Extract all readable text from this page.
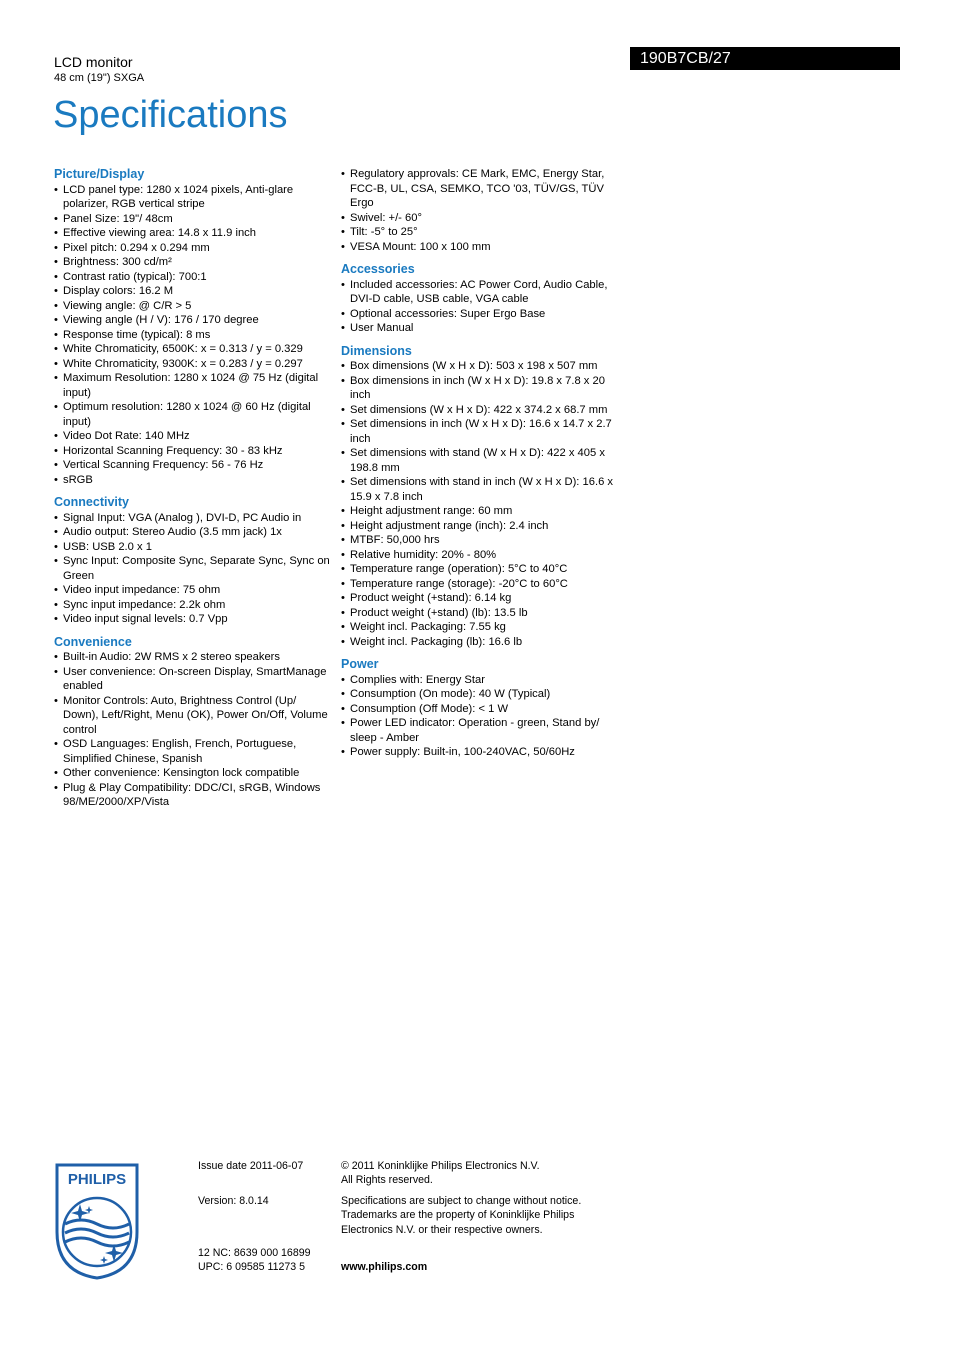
LCD monitor
48 cm (19") SXGA
190B7CB/27
Specifications
Picture/Display
• LCD panel type: 1280 x 1024 pixels, Anti-glare polarizer, RGB vertical stripe
• Panel Size: 19"/ 48cm
• Effective viewing area: 14.8 x 11.9 inch
• Pixel pitch: 0.294 x 0.294 mm
• Brightness: 300 cd/m²
• Contrast ratio (typical): 700:1
• Display colors: 16.2 M
• Viewing angle: @ C/R > 5
• Viewing angle (H / V): 176 / 170 degree
• Response time (typical): 8 ms
• White Chromaticity, 6500K: x = 0.313 / y = 0.329
• White Chromaticity, 9300K: x = 0.283 / y = 0.297
• Maximum Resolution: 1280 x 1024 @ 75 Hz (digital input)
• Optimum resolution: 1280 x 1024 @ 60 Hz (digital input)
• Video Dot Rate: 140 MHz
• Horizontal Scanning Frequency: 30 - 83 kHz
• Vertical Scanning Frequency: 56 - 76 Hz
• sRGB
Connectivity
• Signal Input: VGA (Analog ), DVI-D, PC Audio in
• Audio output: Stereo Audio (3.5 mm jack) 1x
• USB: USB 2.0 x 1
• Sync Input: Composite Sync, Separate Sync, Sync on Green
• Video input impedance: 75 ohm
• Sync input impedance: 2.2k ohm
• Video input signal levels: 0.7 Vpp
Convenience
• Built-in Audio: 2W RMS x 2 stereo speakers
• User convenience: On-screen Display, SmartManage enabled
• Monitor Controls: Auto, Brightness Control (Up/ Down), Left/Right, Menu (OK), Power On/Off, Volume control
• OSD Languages: English, French, Portuguese, Simplified Chinese, Spanish
• Other convenience: Kensington lock compatible
• Plug & Play Compatibility: DDC/CI, sRGB, Windows 98/ME/2000/XP/Vista
• Regulatory approvals: CE Mark, EMC, Energy Star, FCC-B, UL, CSA, SEMKO, TCO '03, TÜV/GS, TÜV Ergo
• Swivel: +/- 60°
• Tilt: -5° to 25°
• VESA Mount: 100 x 100 mm
Accessories
• Included accessories: AC Power Cord, Audio Cable, DVI-D cable, USB cable, VGA cable
• Optional accessories: Super Ergo Base
• User Manual
Dimensions
• Box dimensions (W x H x D): 503 x 198 x 507 mm
• Box dimensions in inch (W x H x D): 19.8 x 7.8 x 20 inch
• Set dimensions (W x H x D): 422 x 374.2 x 68.7 mm
• Set dimensions in inch (W x H x D): 16.6 x 14.7 x 2.7 inch
• Set dimensions with stand (W x H x D): 422 x 405 x 198.8 mm
• Set dimensions with stand in inch (W x H x D): 16.6 x 15.9 x 7.8 inch
• Height adjustment range: 60 mm
• Height adjustment range (inch): 2.4 inch
• MTBF: 50,000 hrs
• Relative humidity: 20% - 80%
• Temperature range (operation): 5°C to 40°C
• Temperature range (storage): -20°C to 60°C
• Product weight (+stand): 6.14 kg
• Product weight (+stand) (lb): 13.5 lb
• Weight incl. Packaging: 7.55 kg
• Weight incl. Packaging (lb): 16.6 lb
Power
• Complies with: Energy Star
• Consumption (On mode): 40 W (Typical)
• Consumption (Off Mode): < 1 W
• Power LED indicator: Operation - green, Stand by/ sleep - Amber
• Power supply: Built-in, 100-240VAC, 50/60Hz
PHILIPS
Issue date 2011-06-07
Version: 8.0.14
12 NC: 8639 000 16899
UPC: 6 09585 11273 5
© 2011 Koninklijke Philips Electronics N.V.
All Rights reserved.
Specifications are subject to change without notice.
Trademarks are the property of Koninklijke Philips
Electronics N.V. or their respective owners.
www.philips.com
